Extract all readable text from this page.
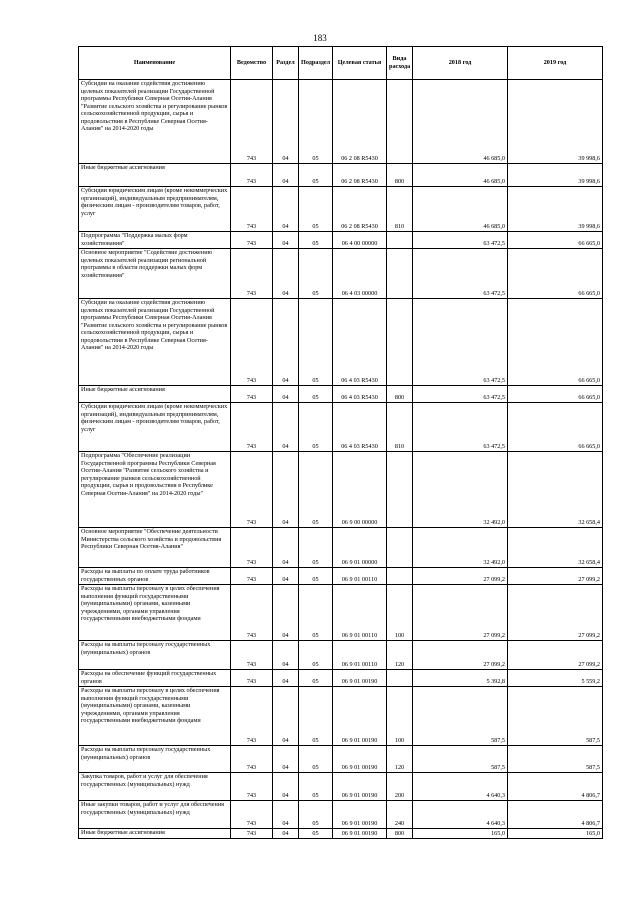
183
Наименование	Ведомство	Раздел	Подраздел	Целевая статья	Вида расхода	2018 год	2019 год
Субсидии на оказание содействия достижению целевых показателей реализации Государственной программы Республики Северная Осетия-Алания "Развитие сельского хозяйства и регулирование рынков сельскохозяйственной продукции, сырья и продовольствия в Республике Северная Осетия-Алания" на 2014-2020 годы	743	04	05	06 2 08 R5430		46 685,0	39 998,6
Иные бюджетные ассигнования	743	04	05	06 2 08 R5430	800	46 685,0	39 998,6
Субсидии юридическим лицам (кроме некоммерческих организаций), индивидуальным предпринимателям, физическим лицам - производителям товаров, работ, услуг	743	04	05	06 2 08 R5430	810	46 685,0	39 998,6
Подпрограмма "Поддержка малых форм хозяйствования"	743	04	05	06 4 00 00000		63 472,5	66 665,0
Основное мероприятие "Содействие достижению целевых показателей реализации региональной программы в области поддержки малых форм хозяйствования"	743	04	05	06 4 03 00000		63 472,5	66 665,0
Субсидии на оказание содействия достижению целевых показателей реализации Государственной программы Республики Северная Осетия-Алания "Развитие сельского хозяйства и регулирование рынков сельскохозяйственной продукции, сырья и продовольствия в Республике Северная Осетия-Алания" на 2014-2020 годы	743	04	05	06 4 03 R5430		63 472,5	66 665,0
Иные бюджетные ассигнования	743	04	05	06 4 03 R5430	800	63 472,5	66 665,0
Субсидии юридическим лицам (кроме некоммерческих организаций), индивидуальным предпринимателям, физическим лицам - производителям товаров, работ, услуг	743	04	05	06 4 03 R5430	810	63 472,5	66 665,0
Подпрограмма "Обеспечение реализации Государственной программы Республики Северная Осетия-Алания "Развитие сельского хозяйства и регулирование рынков сельскохозяйственной продукции, сырья и продовольствия в Республике Северная Осетия-Алания" на 2014-2020 годы"	743	04	05	06 9 00 00000		32 492,0	32 658,4
Основное мероприятие "Обеспечение деятельности Министерства сельского хозяйства и продовольствия Республики Северная Осетия-Алания"	743	04	05	06 9 01 00000		32 492,0	32 658,4
Расходы на выплаты по оплате труда работников государственных органов	743	04	05	06 9 01 00110		27 099,2	27 099,2
Расходы на выплаты персоналу в целях обеспечения выполнения функций государственными (муниципальными) органами, казенными учреждениями, органами управления государственными внебюджетными фондами	743	04	05	06 9 01 00110	100	27 099,2	27 099,2
Расходы на выплаты персоналу государственных (муниципальных) органов	743	04	05	06 9 01 00110	120	27 099,2	27 099,2
Расходы на обеспечение функций государственных органов	743	04	05	06 9 01 00190		5 392,8	5 559,2
Расходы на выплаты персоналу в целях обеспечения выполнения функций государственными (муниципальными) органами, казенными учреждениями, органами управления государственными внебюджетными фондами	743	04	05	06 9 01 00190	100	587,5	587,5
Расходы на выплаты персоналу государственных (муниципальных) органов	743	04	05	06 9 01 00190	120	587,5	587,5
Закупка товаров, работ и услуг для обеспечения государственных (муниципальных) нужд	743	04	05	06 9 01 00190	200	4 640,3	4 806,7
Иные закупки товаров, работ и услуг для обеспечения государственных (муниципальных) нужд	743	04	05	06 9 01 00190	240	4 640,3	4 806,7
Иные бюджетные ассигнования	743	04	05	06 9 01 00190	800	165,0	165,0
